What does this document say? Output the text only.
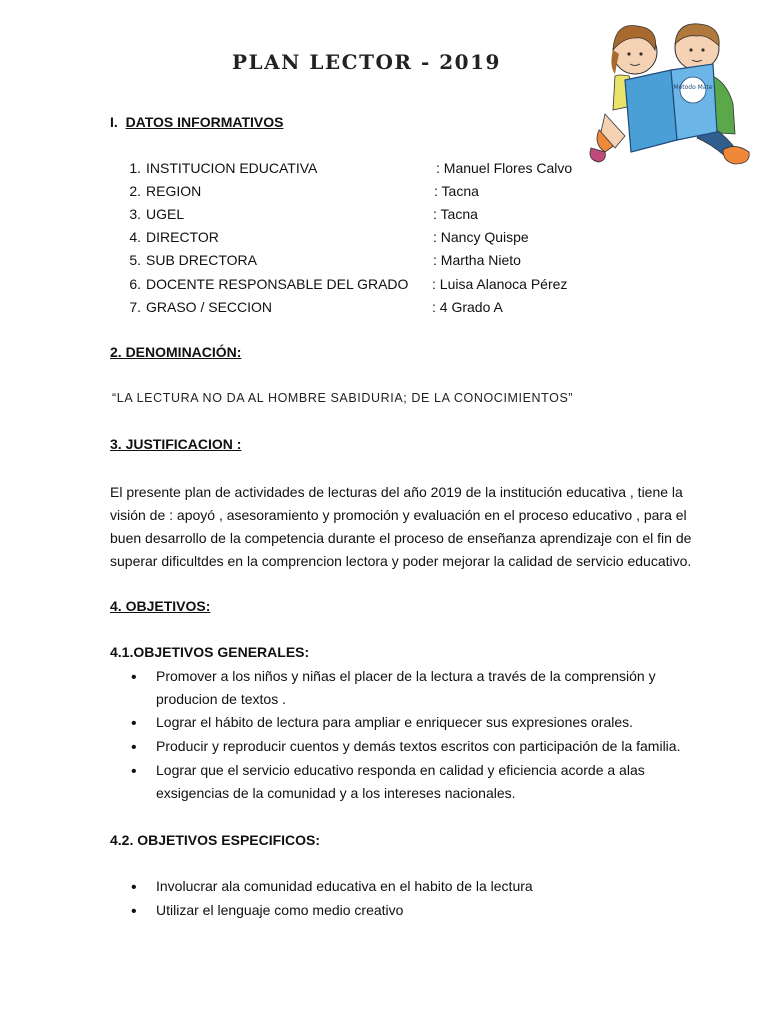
PLAN LECTOR - 2019
Método Mate
I. DATOS INFORMATIVOS
1. INSTITUCION EDUCATIVA	: Manuel Flores Calvo
2. REGION	: Tacna
3. UGEL	: Tacna
4. DIRECTOR	: Nancy Quispe
5. SUB DRECTORA	: Martha Nieto
6. DOCENTE RESPONSABLE DEL GRADO : Luisa Alanoca Pérez
7. GRASO / SECCION	: 4 Grado A
2. DENOMINACIÓN:
“LA LECTURA NO DA AL HOMBRE SABIDURIA; DE LA CONOCIMIENTOS”
3. JUSTIFICACION :
El presente plan de actividades de lecturas del año 2019 de la institución educativa , tiene la
visión de : apoyó , asesoramiento y promoción y evaluación en el proceso educativo , para el
buen desarrollo de la competencia durante el proceso de enseñanza aprendizaje con el fin de
superar dificultdes en la comprencion lectora y poder mejorar la calidad de servicio educativo.
4. OBJETIVOS:
4.1.OBJETIVOS GENERALES:
• Promover a los niños y niñas el placer de la lectura a través de la comprensión y producion de textos .
• Lograr el hábito de lectura para ampliar e enriquecer sus expresiones orales.
• Producir y reproducir cuentos y demás textos escritos con participación de la familia.
• Lograr que el servicio educativo responda en calidad y eficiencia acorde a alas exsigencias de la comunidad y a los intereses nacionales.
4.2. OBJETIVOS ESPECIFICOS:
• Involucrar ala comunidad educativa en el habito de la lectura
• Utilizar el lenguaje como medio creativo
